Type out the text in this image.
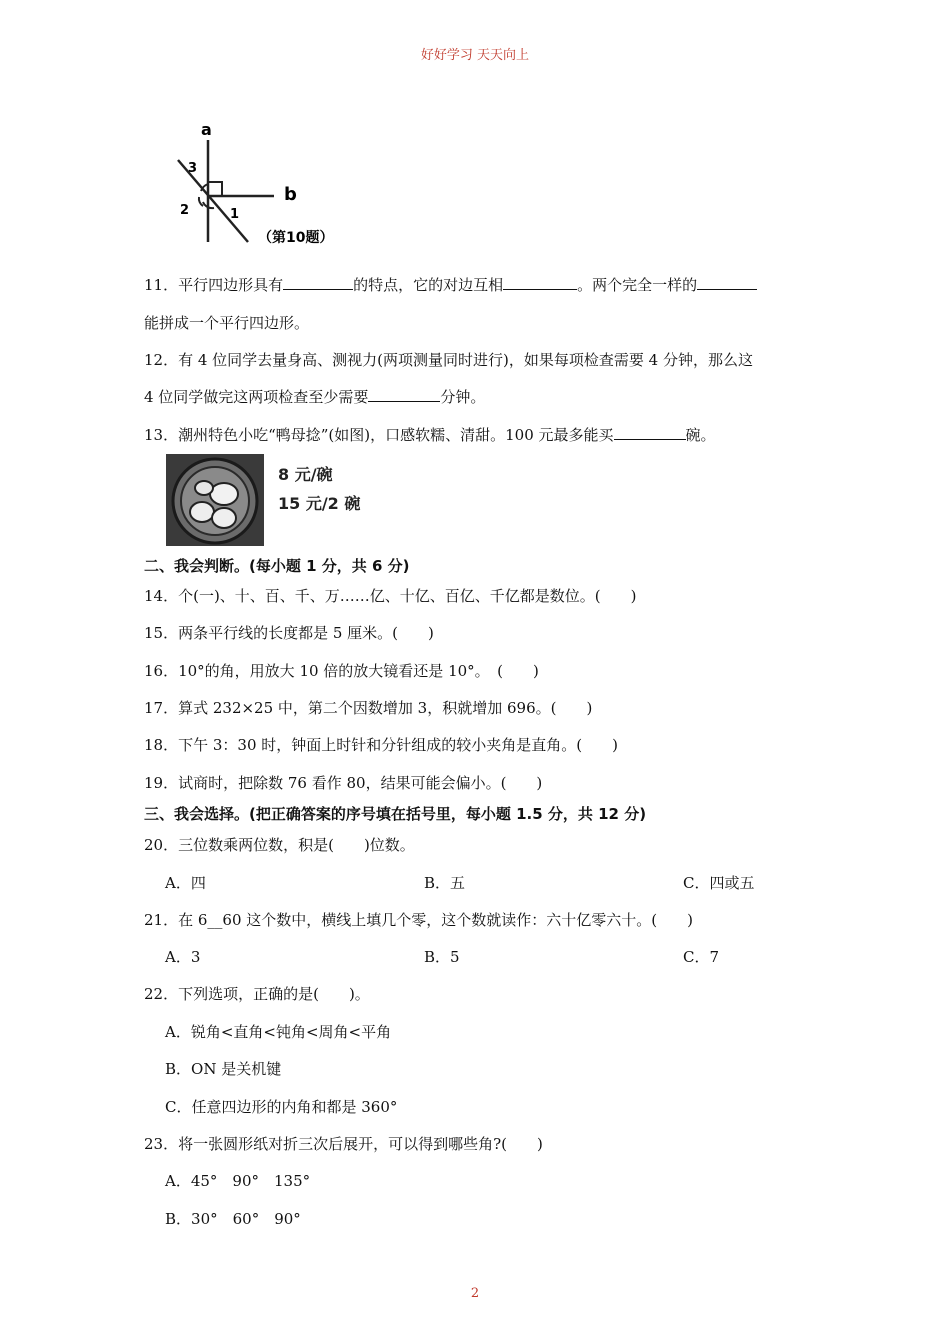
好好学习 天天向上
a
b
3
2	1
（第10题）
11．平行四边形具有	的特点，它的对边互相	。两个完全一样的
能拼成一个平行四边形。
12．有 4 位同学去量身高、测视力(两项测量同时进行)，如果每项检查需要 4 分钟，那么这
4 位同学做完这两项检查至少需要	分钟。
13．潮州特色小吃“鸭母捻”(如图)，口感软糯、清甜。100 元最多能买	碗。
8 元/碗
15 元/2 碗
二、我会判断。(每小题 1 分，共 6 分)
14．个(一)、十、百、千、万……亿、十亿、百亿、千亿都是数位。(　　)
15．两条平行线的长度都是 5 厘米。(　　)
16．10°的角，用放大 10 倍的放大镜看还是 10°。　(　　)
17．算式 232×25 中，第二个因数增加 3，积就增加 696。(　　)
18．下午 3：30 时，钟面上时针和分针组成的较小夹角是直角。(　　)
19．试商时，把除数 76 看作 80，结果可能会偏小。(　　)
三、我会选择。(把正确答案的序号填在括号里，每小题 1.5 分，共 12 分)
20．三位数乘两位数，积是(　　)位数。
A．四	B．五	C．四或五
21．在 6__60 这个数中，横线上填几个零，这个数就读作：六十亿零六十。(　　)
A．3	B．5	C．7
22．下列选项，正确的是(　　)。
A．锐角<直角<钝角<周角<平角
B．ON 是关机键
C．任意四边形的内角和都是 360°
23．将一张圆形纸对折三次后展开，可以得到哪些角?(　　)
A．45°　90°　135°
B．30°　60°　90°
2
